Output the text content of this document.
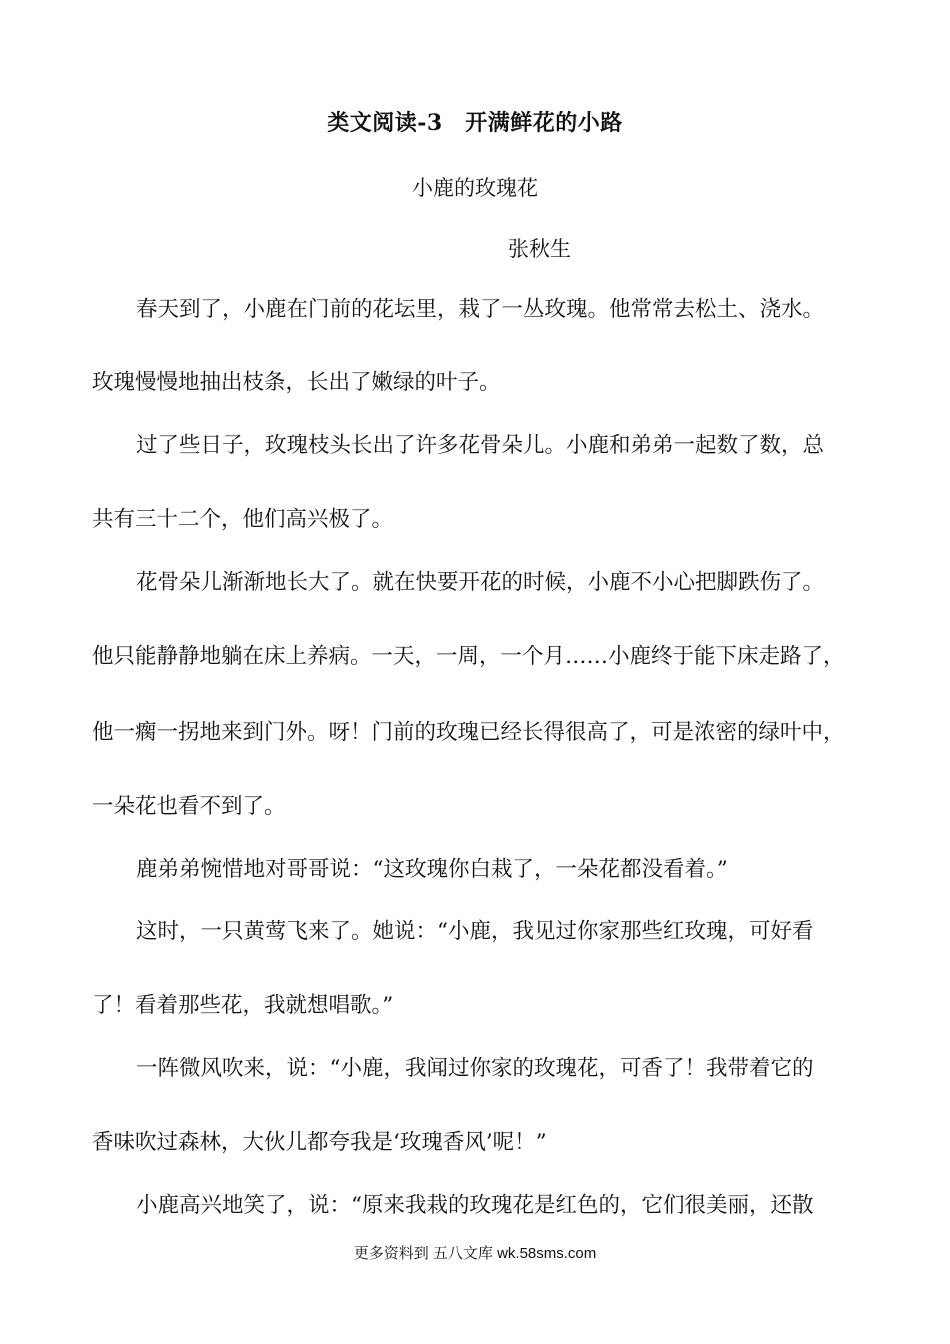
类文阅读-3　开满鲜花的小路
小鹿的玫瑰花
张秋生
春天到了，小鹿在门前的花坛里，栽了一丛玫瑰。他常常去松土、浇水。
玫瑰慢慢地抽出枝条，长出了嫩绿的叶子。
过了些日子，玫瑰枝头长出了许多花骨朵儿。小鹿和弟弟一起数了数，总
共有三十二个，他们高兴极了。
花骨朵儿渐渐地长大了。就在快要开花的时候，小鹿不小心把脚跌伤了。
他只能静静地躺在床上养病。一天，一周，一个月……小鹿终于能下床走路了，
他一瘸一拐地来到门外。呀！门前的玫瑰已经长得很高了，可是浓密的绿叶中，
一朵花也看不到了。
鹿弟弟惋惜地对哥哥说：“这玫瑰你白栽了，一朵花都没看着。”
这时，一只黄莺飞来了。她说：“小鹿，我见过你家那些红玫瑰，可好看
了！看着那些花，我就想唱歌。”
一阵微风吹来，说：“小鹿，我闻过你家的玫瑰花，可香了！我带着它的
香味吹过森林，大伙儿都夸我是‘玫瑰香风’呢！”
小鹿高兴地笑了，说：“原来我栽的玫瑰花是红色的，它们很美丽，还散
更多资料到 五八文库 wk.58sms.com
